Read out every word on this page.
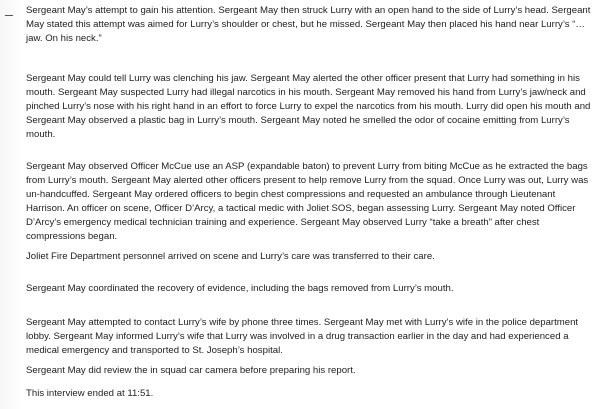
Sergeant May’s attempt to gain his attention. Sergeant May then struck Lurry with an open hand to the side of Lurry’s head. Sergeant May stated this attempt was aimed for Lurry’s shoulder or chest, but he missed. Sergeant May then placed his hand near Lurry’s “…jaw. On his neck.”

Sergeant May could tell Lurry was clenching his jaw. Sergeant May alerted the other officer present that Lurry had something in his mouth. Sergeant May suspected Lurry had illegal narcotics in his mouth. Sergeant May removed his hand from Lurry’s jaw/neck and pinched Lurry’s nose with his right hand in an effort to force Lurry to expel the narcotics from his mouth. Lurry did open his mouth and Sergeant May observed a plastic bag in Lurry’s mouth. Sergeant May noted he smelled the odor of cocaine emitting from Lurry’s mouth.

Sergeant May observed Officer McCue use an ASP (expandable baton) to prevent Lurry from biting McCue as he extracted the bags from Lurry’s mouth. Sergeant May alerted other officers present to help remove Lurry from the squad. Once Lurry was out, Lurry was un-handcuffed. Sergeant May ordered officers to begin chest compressions and requested an ambulance through Lieutenant Harrison. An officer on scene, Officer D’Arcy, a tactical medic with Joliet SOS, began assessing Lurry. Sergeant May noted Officer D’Arcy’s emergency medical technician training and experience. Sergeant May observed Lurry “take a breath” after chest compressions began.

Joliet Fire Department personnel arrived on scene and Lurry’s care was transferred to their care.

Sergeant May coordinated the recovery of evidence, including the bags removed from Lurry’s mouth.

Sergeant May attempted to contact Lurry’s wife by phone three times. Sergeant May met with Lurry’s wife in the police department lobby. Sergeant May informed Lurry’s wife that Lurry was involved in a drug transaction earlier in the day and had experienced a medical emergency and transported to St. Joseph’s hospital.

Sergeant May did review the in squad car camera before preparing his report.

This interview ended at 11:51.
